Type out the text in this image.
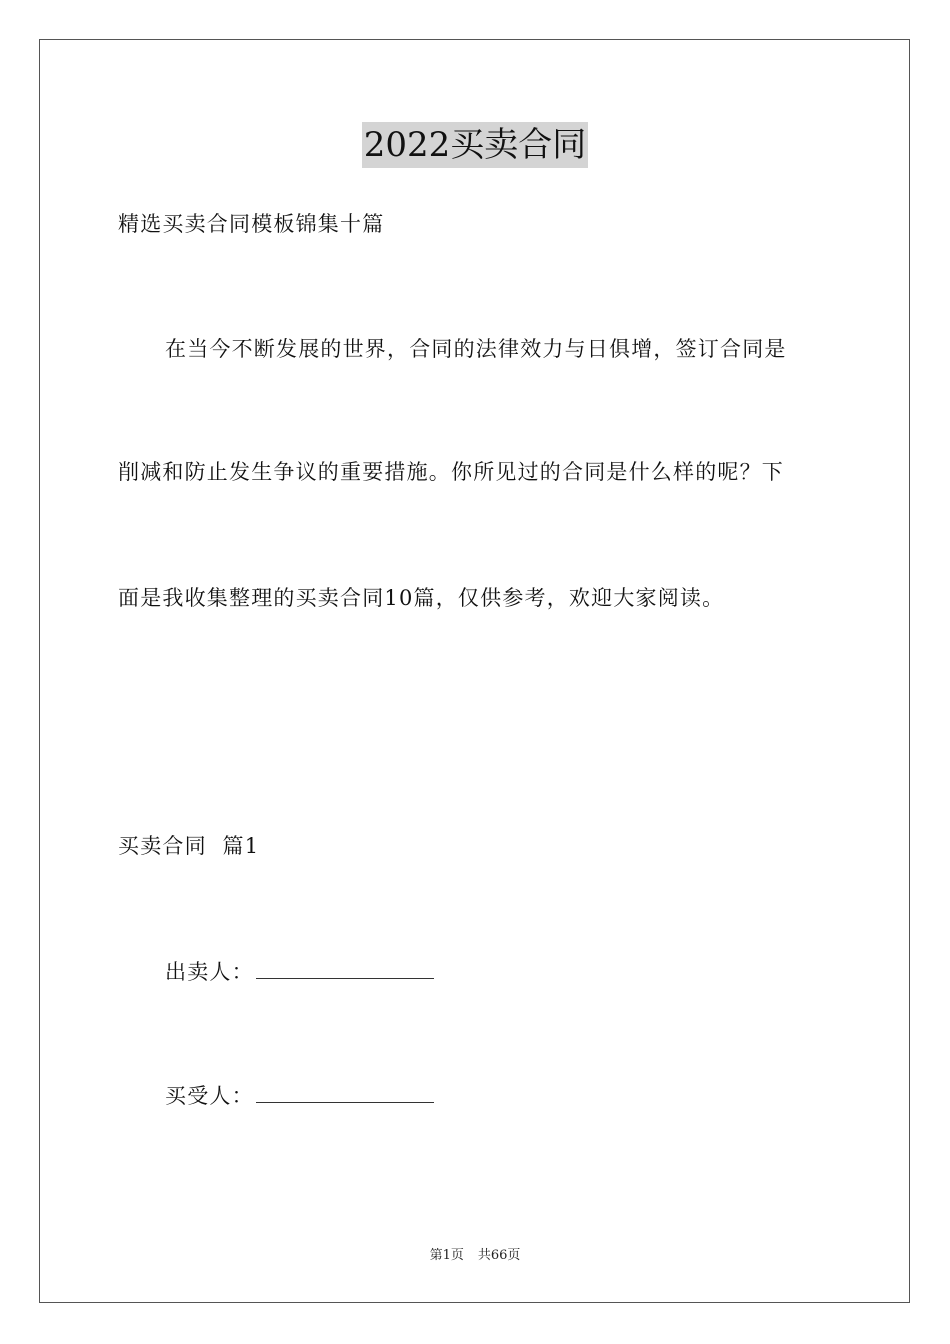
2022买卖合同
精选买卖合同模板锦集十篇
在当今不断发展的世界，合同的法律效力与日俱增，签订合同是
削减和防止发生争议的重要措施。你所见过的合同是什么样的呢？下
面是我收集整理的买卖合同10篇，仅供参考，欢迎大家阅读。
买卖合同  篇1
出卖人：
买受人：
第1页 共66页
